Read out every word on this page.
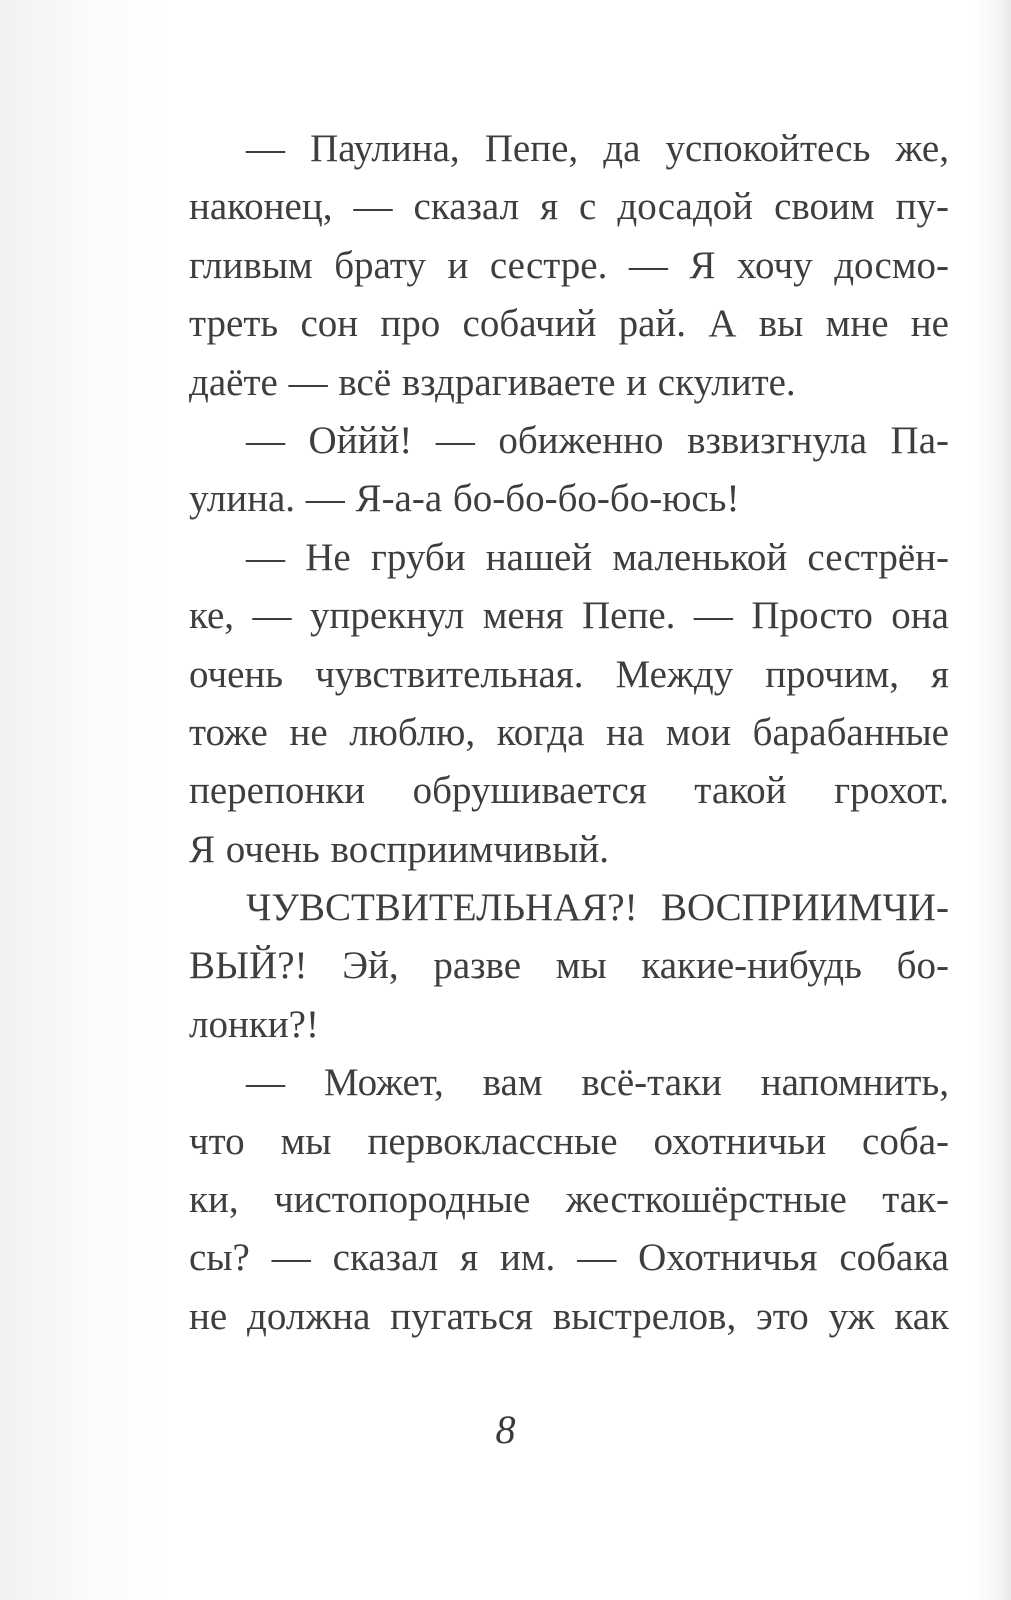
— Паулина, Пепе, да успокойтесь же,
наконец, — сказал я с досадой своим пу-
гливым брату и сестре. — Я хочу досмо-
треть сон про собачий рай. А вы мне не
даёте — всё вздрагиваете и скулите.
— Оййй! — обиженно взвизгнула Па-
улина. — Я-а-а бо-бо-бо-бо-юсь!
— Не груби нашей маленькой сестрён-
ке, — упрекнул меня Пепе. — Просто она
очень чувствительная. Между прочим, я
тоже не люблю, когда на мои барабанные
перепонки обрушивается такой грохот.
Я очень восприимчивый.
ЧУВСТВИТЕЛЬНАЯ?! ВОСПРИИМЧИ-
ВЫЙ?! Эй, разве мы какие-нибудь бо-
лонки?!
— Может, вам всё-таки напомнить,
что мы первоклассные охотничьи соба-
ки, чистопородные жесткошёрстные так-
сы? — сказал я им. — Охотничья собака
не должна пугаться выстрелов, это уж как
8
